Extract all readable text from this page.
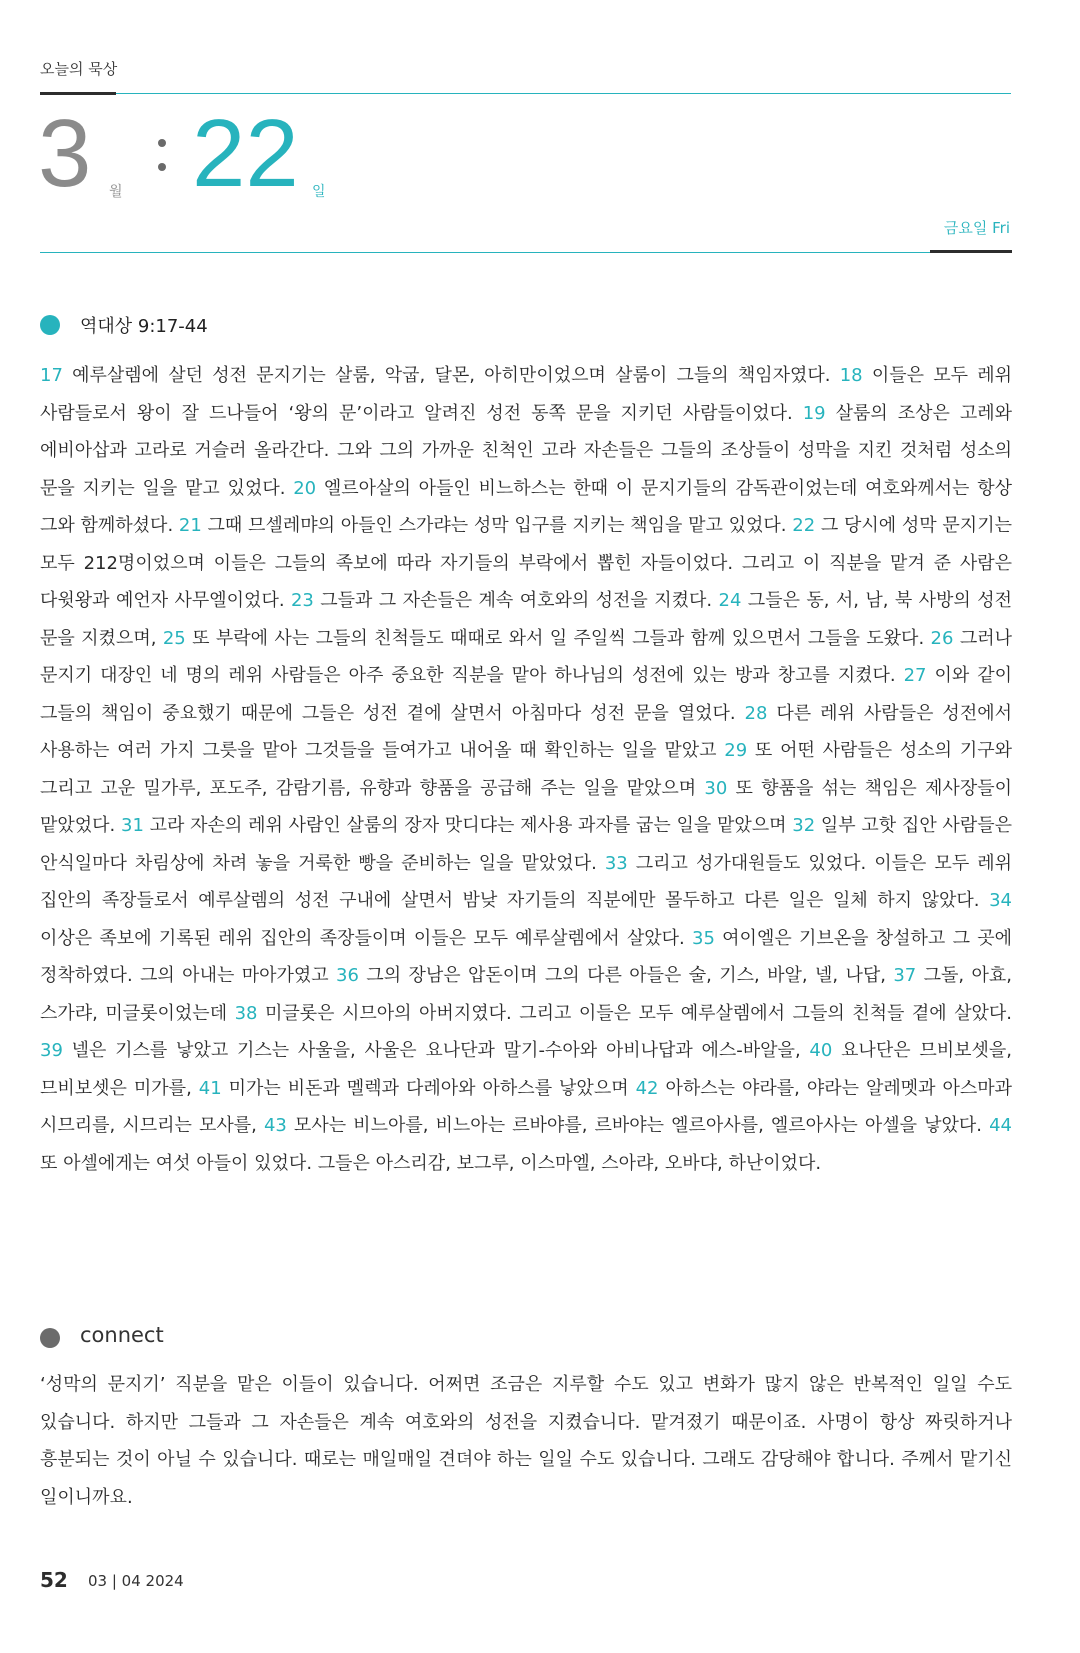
오늘의 묵상
3 월 22 일
금요일 Fri
역대상 9:17-44

17 예루살렘에 살던 성전 문지기는 살룸, 악굽, 달몬, 아히만이었으며 살룸이 그들의 책임자였다. 18 이들은 모두 레위 사람들로서 왕이 잘 드나들어 ‘왕의 문’이라고 알려진 성전 동쪽 문을 지키던 사람들이었다. 19 살룸의 조상은 고레와 에비아삽과 고라로 거슬러 올라간다. 그와 그의 가까운 친척인 고라 자손들은 그들의 조상들이 성막을 지킨 것처럼 성소의 문을 지키는 일을 맡고 있었다. 20 엘르아살의 아들인 비느하스는 한때 이 문지기들의 감독관이었는데 여호와께서는 항상 그와 함께하셨다. 21 그때 므셀레먀의 아들인 스가랴는 성막 입구를 지키는 책임을 맡고 있었다. 22 그 당시에 성막 문지기는 모두 212명이었으며 이들은 그들의 족보에 따라 자기들의 부락에서 뽑힌 자들이었다. 그리고 이 직분을 맡겨 준 사람은 다윗왕과 예언자 사무엘이었다. 23 그들과 그 자손들은 계속 여호와의 성전을 지켰다. 24 그들은 동, 서, 남, 북 사방의 성전 문을 지켰으며, 25 또 부락에 사는 그들의 친척들도 때때로 와서 일 주일씩 그들과 함께 있으면서 그들을 도왔다. 26 그러나 문지기 대장인 네 명의 레위 사람들은 아주 중요한 직분을 맡아 하나님의 성전에 있는 방과 창고를 지켰다. 27 이와 같이 그들의 책임이 중요했기 때문에 그들은 성전 곁에 살면서 아침마다 성전 문을 열었다. 28 다른 레위 사람들은 성전에서 사용하는 여러 가지 그릇을 맡아 그것들을 들여가고 내어올 때 확인하는 일을 맡았고 29 또 어떤 사람들은 성소의 기구와 그리고 고운 밀가루, 포도주, 감람기름, 유향과 향품을 공급해 주는 일을 맡았으며 30 또 향품을 섞는 책임은 제사장들이 맡았었다. 31 고라 자손의 레위 사람인 살룸의 장자 맛디댜는 제사용 과자를 굽는 일을 맡았으며 32 일부 고핫 집안 사람들은 안식일마다 차림상에 차려 놓을 거룩한 빵을 준비하는 일을 맡았었다. 33 그리고 성가대원들도 있었다. 이들은 모두 레위 집안의 족장들로서 예루살렘의 성전 구내에 살면서 밤낮 자기들의 직분에만 몰두하고 다른 일은 일체 하지 않았다. 34 이상은 족보에 기록된 레위 집안의 족장들이며 이들은 모두 예루살렘에서 살았다. 35 여이엘은 기브온을 창설하고 그 곳에 정착하였다. 그의 아내는 마아가였고 36 그의 장남은 압돈이며 그의 다른 아들은 술, 기스, 바알, 넬, 나답, 37 그돌, 아효, 스가랴, 미글롯이었는데 38 미글롯은 시므아의 아버지였다. 그리고 이들은 모두 예루살렘에서 그들의 친척들 곁에 살았다. 39 넬은 기스를 낳았고 기스는 사울을, 사울은 요나단과 말기-수아와 아비나답과 에스-바알을, 40 요나단은 므비보셋을, 므비보셋은 미가를, 41 미가는 비돈과 멜렉과 다레아와 아하스를 낳았으며 42 아하스는 야라를, 야라는 알레멧과 아스마과 시므리를, 시므리는 모사를, 43 모사는 비느아를, 비느아는 르바야를, 르바야는 엘르아사를, 엘르아사는 아셀을 낳았다. 44 또 아셀에게는 여섯 아들이 있었다. 그들은 아스리감, 보그루, 이스마엘, 스아랴, 오바댜, 하난이었다.

connect

‘성막의 문지기’ 직분을 맡은 이들이 있습니다. 어쩌면 조금은 지루할 수도 있고 변화가 많지 않은 반복적인 일일 수도 있습니다. 하지만 그들과 그 자손들은 계속 여호와의 성전을 지켰습니다. 맡겨졌기 때문이죠. 사명이 항상 짜릿하거나 흥분되는 것이 아닐 수 있습니다. 때로는 매일매일 견뎌야 하는 일일 수도 있습니다. 그래도 감당해야 합니다. 주께서 맡기신 일이니까요.

52 03 | 04 2024
